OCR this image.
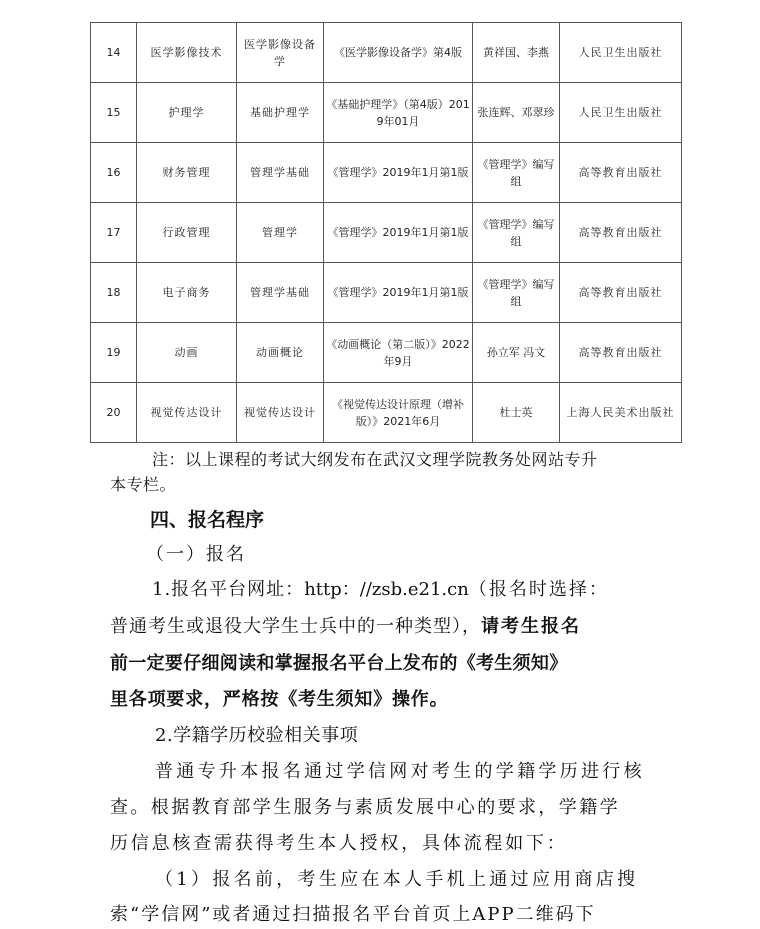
14	医学影像技术	医学影像设备学	《医学影像设备学》第4版	黄祥国、李燕	人民卫生出版社
15	护理学	基础护理学	《基础护理学》（第4版）2019年01月	张连辉、邓翠珍	人民卫生出版社
16	财务管理	管理学基础	《管理学》2019年1月第1版	《管理学》编写组	高等教育出版社
17	行政管理	管理学	《管理学》2019年1月第1版	《管理学》编写组	高等教育出版社
18	电子商务	管理学基础	《管理学》2019年1月第1版	《管理学》编写组	高等教育出版社
19	动画	动画概论	《动画概论（第二版）》2022年9月	孙立军 冯文	高等教育出版社
20	视觉传达设计	视觉传达设计	《视觉传达设计原理（增补版）》2021年6月	杜士英	上海人民美术出版社
注：以上课程的考试大纲发布在武汉文理学院教务处网站专升
本专栏。
四、报名程序
（一）报名
1.报名平台网址：http：//zsb.e21.cn（报名时选择：
普通考生或退役大学生士兵中的一种类型），请考生报名
前一定要仔细阅读和掌握报名平台上发布的《考生须知》
里各项要求，严格按《考生须知》操作。
2.学籍学历校验相关事项
普通专升本报名通过学信网对考生的学籍学历进行核
查。根据教育部学生服务与素质发展中心的要求，学籍学
历信息核查需获得考生本人授权，具体流程如下：
（1）报名前，考生应在本人手机上通过应用商店搜
索“学信网”或者通过扫描报名平台首页上APP二维码下
